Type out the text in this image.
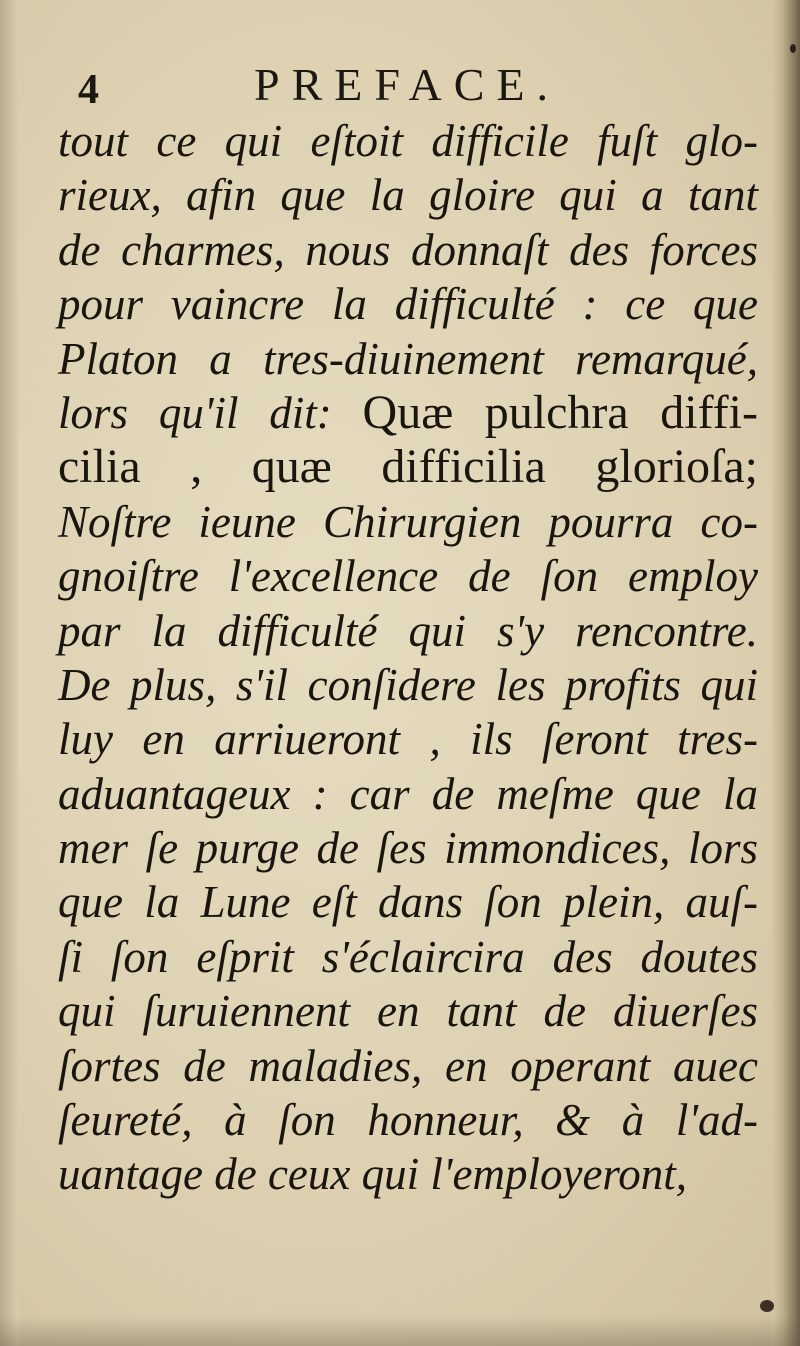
4	PREFACE.
tout ce qui eſtoit difficile fuſt glo-
rieux, afin que la gloire qui a tant
de charmes, nous donnaſt des forces
pour vaincre la difficulté : ce que
Platon a tres-diuinement remarqué,
lors qu'il dit: Quæ pulchra diffi-
cilia , quæ difficilia glorioſa;
Noſtre ieune Chirurgien pourra co-
gnoiſtre l'excellence de ſon employ
par la difficulté qui s'y rencontre.
De plus, s'il conſidere les profits qui
luy en arriueront , ils ſeront tres-
aduantageux : car de meſme que la
mer ſe purge de ſes immondices, lors
que la Lune eſt dans ſon plein, auſ-
ſi ſon eſprit s'éclaircira des doutes
qui ſuruiennent en tant de diuerſes
ſortes de maladies, en operant auec
ſeureté, à ſon honneur, & à l'ad-
uantage de ceux qui l'employeront,
